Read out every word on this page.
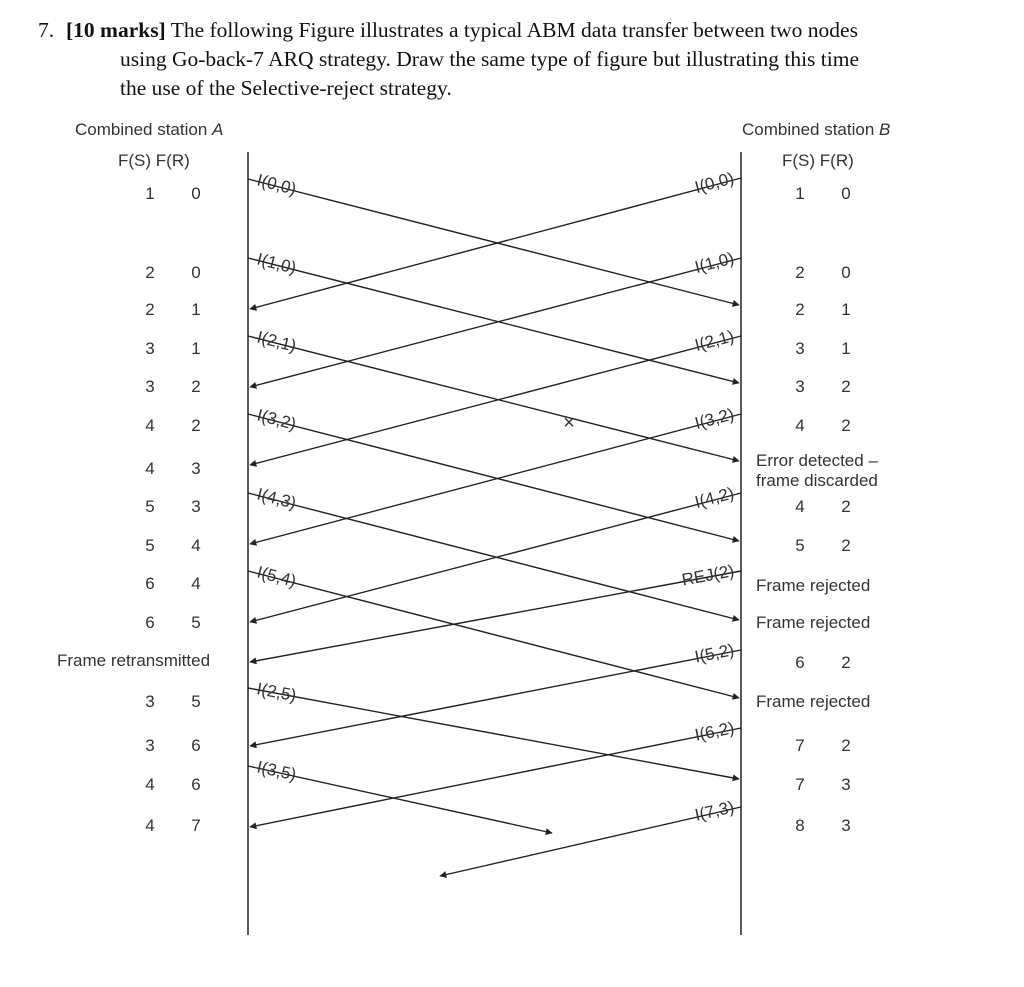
7. [10 marks] The following Figure illustrates a typical ABM data transfer between two nodes
using Go-back-7 ARQ strategy. Draw the same type of figure but illustrating this time
the use of the Selective-reject strategy.
Combined station A
F(S) F(R)
Combined station B
F(S) F(R)
1 0
2 0
2 1
3 1
3 2
4 2
4 3
5 3
5 4
6 4
6 5
Frame retransmitted
3 5
3 6
4 6
4 7
1 0
2 0
2 1
3 1
3 2
4 2
Error detected –
frame discarded
4 2
5 2
Frame rejected
Frame rejected
6 2
Frame rejected
7 2
7 3
8 3
×
I(0,0)
I(1,0)
I(2,1)
I(3,2)
I(4,3)
I(5,4)
I(2,5)
I(3,5)
I(0,0)
I(1,0)
I(2,1)
I(3,2)
I(4,2)
REJ(2)
I(5,2)
I(6,2)
I(7,3)
